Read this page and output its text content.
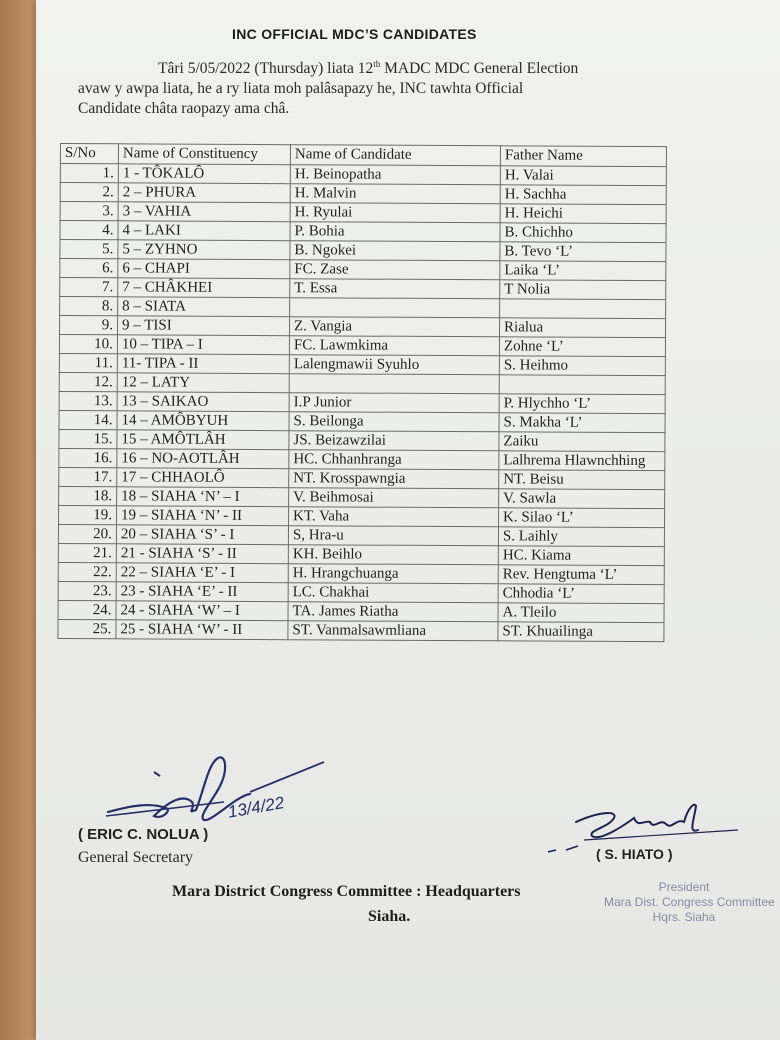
INC OFFICIAL MDC’S CANDIDATES

Târi 5/05/2022 (Thursday) liata 12th MADC MDC General Election

avaw y awpa liata, he a ry liata moh palâsapazy he, INC tawhta Official

Candidate châta raopazy ama châ.

S/No	Name of Constituency	Name of Candidate	Father Name
1.	1 - TÔKALÔ	H. Beinopatha	H. Valai
2.	2 – PHURA	H. Malvin	H. Sachha
3.	3 – VAHIA	H. Ryulai	H. Heichi
4.	4 – LAKI	P. Bohia	B. Chichho
5.	5 – ZYHNO	B. Ngokei	B. Tevo ‘L’
6.	6 – CHAPI	FC. Zase	Laika ‘L’
7.	7 – CHÂKHEI	T. Essa	T Nolia
8.	8 – SIATA		
9.	9 – TISI	Z. Vangia	Rialua
10.	10 – TIPA – I	FC. Lawmkima	Zohne ‘L’
11.	11- TIPA - II	Lalengmawii Syuhlo	S. Heihmo
12.	12 – LATY		
13.	13 – SAIKAO	I.P Junior	P. Hlychho ‘L’
14.	14 – AMÔBYUH	S. Beilonga	S. Makha ‘L’
15.	15 – AMÔTLÂH	JS. Beizawzilai	Zaiku
16.	16 – NO-AOTLÂH	HC. Chhanhranga	Lalhrema Hlawnchhing
17.	17 – CHHAOLÔ	NT. Krosspawngia	NT. Beisu
18.	18 – SIAHA ‘N’ – I	V. Beihmosai	V. Sawla
19.	19 – SIAHA ‘N’ - II	KT. Vaha	K. Silao ‘L’
20.	20 – SIAHA ‘S’ - I	S, Hra-u	S. Laihly
21.	21 - SIAHA ‘S’ - II	KH. Beihlo	HC. Kiama
22.	22 – SIAHA ‘E’ - I	H. Hrangchuanga	Rev. Hengtuma ‘L’
23.	23 - SIAHA ‘E’ - II	LC. Chakhai	Chhodia ‘L’
24.	24 - SIAHA ‘W’ – I	TA. James Riatha	A. Tleilo
25.	25 - SIAHA ‘W’ - II	ST. Vanmalsawmliana	ST. Khuailinga
13/4/22
( ERIC C. NOLUA )
General Secretary	( S. HIATO )
President
Mara Dist. Congress Committee
Hqrs. Siaha
Mara District Congress Committee : Headquarters
Siaha.
